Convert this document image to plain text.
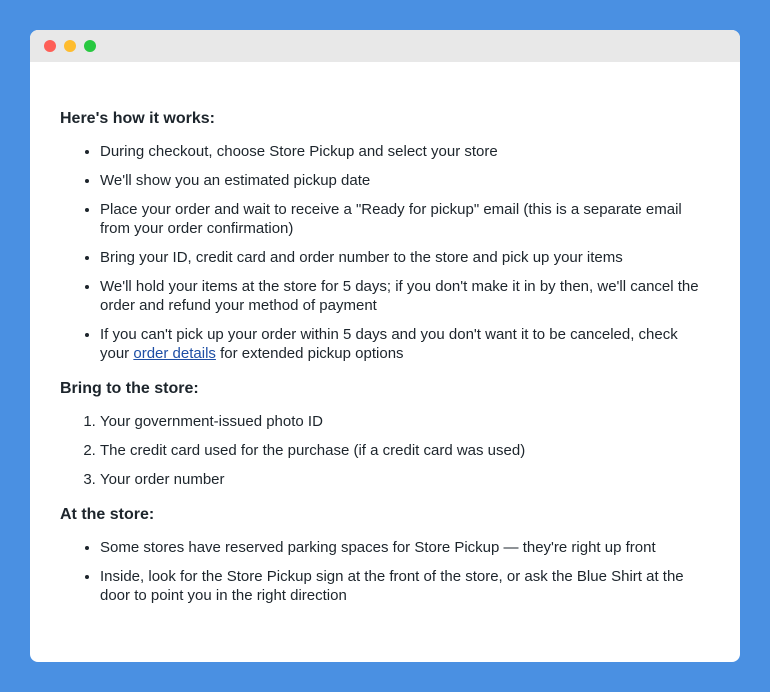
Here's how it works:
• During checkout, choose Store Pickup and select your store
• We'll show you an estimated pickup date
• Place your order and wait to receive a "Ready for pickup" email (this is a separate email from your order confirmation)
• Bring your ID, credit card and order number to the store and pick up your items
• We'll hold your items at the store for 5 days; if you don't make it in by then, we'll cancel the order and refund your method of payment
• If you can't pick up your order within 5 days and you don't want it to be canceled, check your order details for extended pickup options
Bring to the store:
1. Your government-issued photo ID
2. The credit card used for the purchase (if a credit card was used)
3. Your order number
At the store:
• Some stores have reserved parking spaces for Store Pickup — they're right up front
• Inside, look for the Store Pickup sign at the front of the store, or ask the Blue Shirt at the door to point you in the right direction
